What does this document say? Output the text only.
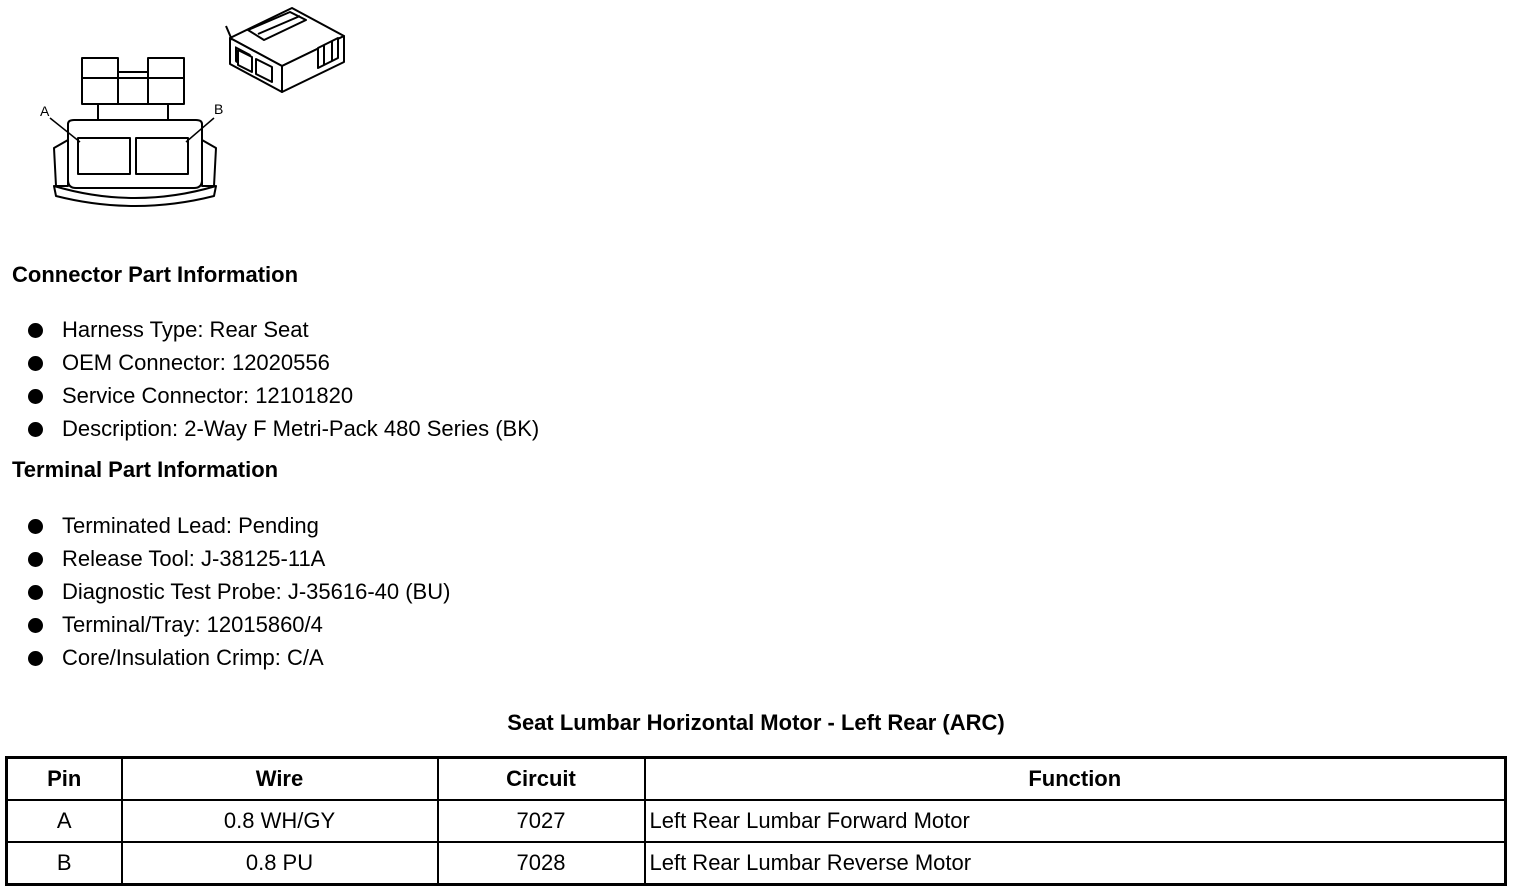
A	B
Connector Part Information
Harness Type: Rear Seat
OEM Connector: 12020556
Service Connector: 12101820
Description: 2-Way F Metri-Pack 480 Series (BK)
Terminal Part Information
Terminated Lead: Pending
Release Tool: J-38125-11A
Diagnostic Test Probe: J-35616-40 (BU)
Terminal/Tray: 12015860/4
Core/Insulation Crimp: C/A
Seat Lumbar Horizontal Motor - Left Rear (ARC)
Pin	Wire	Circuit	Function
A	0.8 WH/GY	7027	Left Rear Lumbar Forward Motor
B	0.8 PU	7028	Left Rear Lumbar Reverse Motor
